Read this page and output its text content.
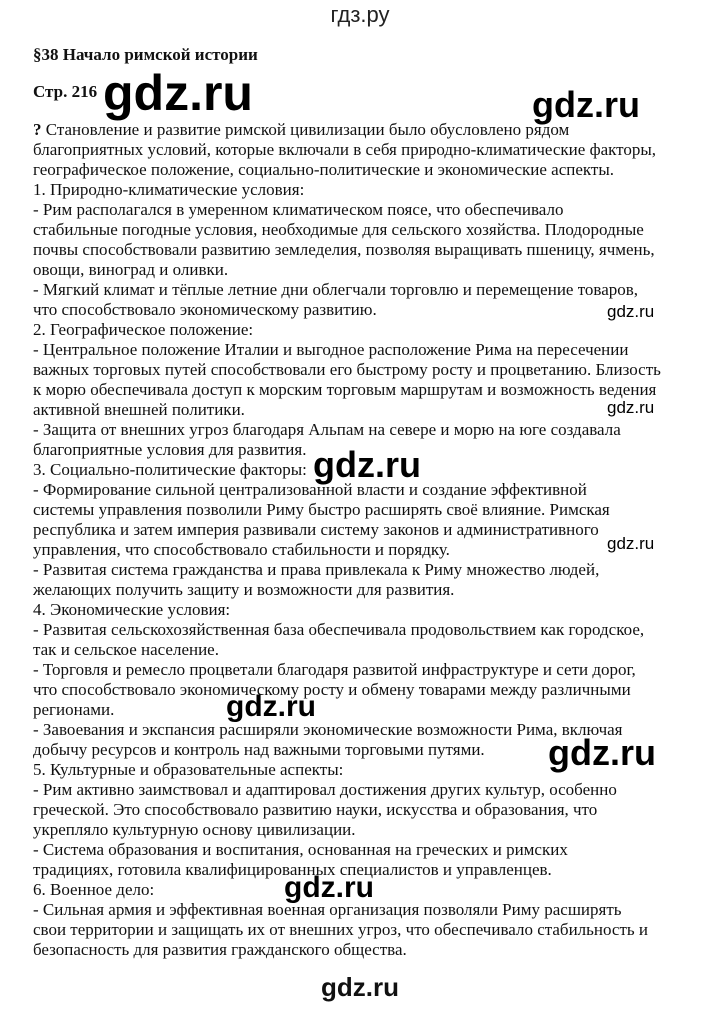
гдз.ру
§38 Начало римской истории
Стр. 216
? Становление и развитие римской цивилизации было обусловлено рядом
благоприятных условий, которые включали в себя природно-климатические факторы,
географическое положение, социально-политические и экономические аспекты.
1. Природно-климатические условия:
- Рим располагался в умеренном климатическом поясе, что обеспечивало
стабильные погодные условия, необходимые для сельского хозяйства. Плодородные
почвы способствовали развитию земледелия, позволяя выращивать пшеницу, ячмень,
овощи, виноград и оливки.
- Мягкий климат и тёплые летние дни облегчали торговлю и перемещение товаров,
что способствовало экономическому развитию.
2. Географическое положение:
- Центральное положение Италии и выгодное расположение Рима на пересечении
важных торговых путей способствовали его быстрому росту и процветанию. Близость
к морю обеспечивала доступ к морским торговым маршрутам и возможность ведения
активной внешней политики.
- Защита от внешних угроз благодаря Альпам на севере и морю на юге создавала
благоприятные условия для развития.
3. Социально-политические факторы:
- Формирование сильной централизованной власти и создание эффективной
системы управления позволили Риму быстро расширять своё влияние. Римская
республика и затем империя развивали систему законов и административного
управления, что способствовало стабильности и порядку.
- Развитая система гражданства и права привлекала к Риму множество людей,
желающих получить защиту и возможности для развития.
4. Экономические условия:
- Развитая сельскохозяйственная база обеспечивала продовольствием как городское,
так и сельское население.
- Торговля и ремесло процветали благодаря развитой инфраструктуре и сети дорог,
что способствовало экономическому росту и обмену товарами между различными
регионами.
- Завоевания и экспансия расширяли экономические возможности Рима, включая
добычу ресурсов и контроль над важными торговыми путями.
5. Культурные и образовательные аспекты:
- Рим активно заимствовал и адаптировал достижения других культур, особенно
греческой. Это способствовало развитию науки, искусства и образования, что
укрепляло культурную основу цивилизации.
- Система образования и воспитания, основанная на греческих и римских
традициях, готовила квалифицированных специалистов и управленцев.
6. Военное дело:
- Сильная армия и эффективная военная организация позволяли Риму расширять
свои территории и защищать их от внешних угроз, что обеспечивало стабильность и
безопасность для развития гражданского общества.
gdz.ru	gdz.ru
gdz.ru
gdz.ru
gdz.ru
gdz.ru
gdz.ru
gdz.ru
gdz.ru
gdz.ru
